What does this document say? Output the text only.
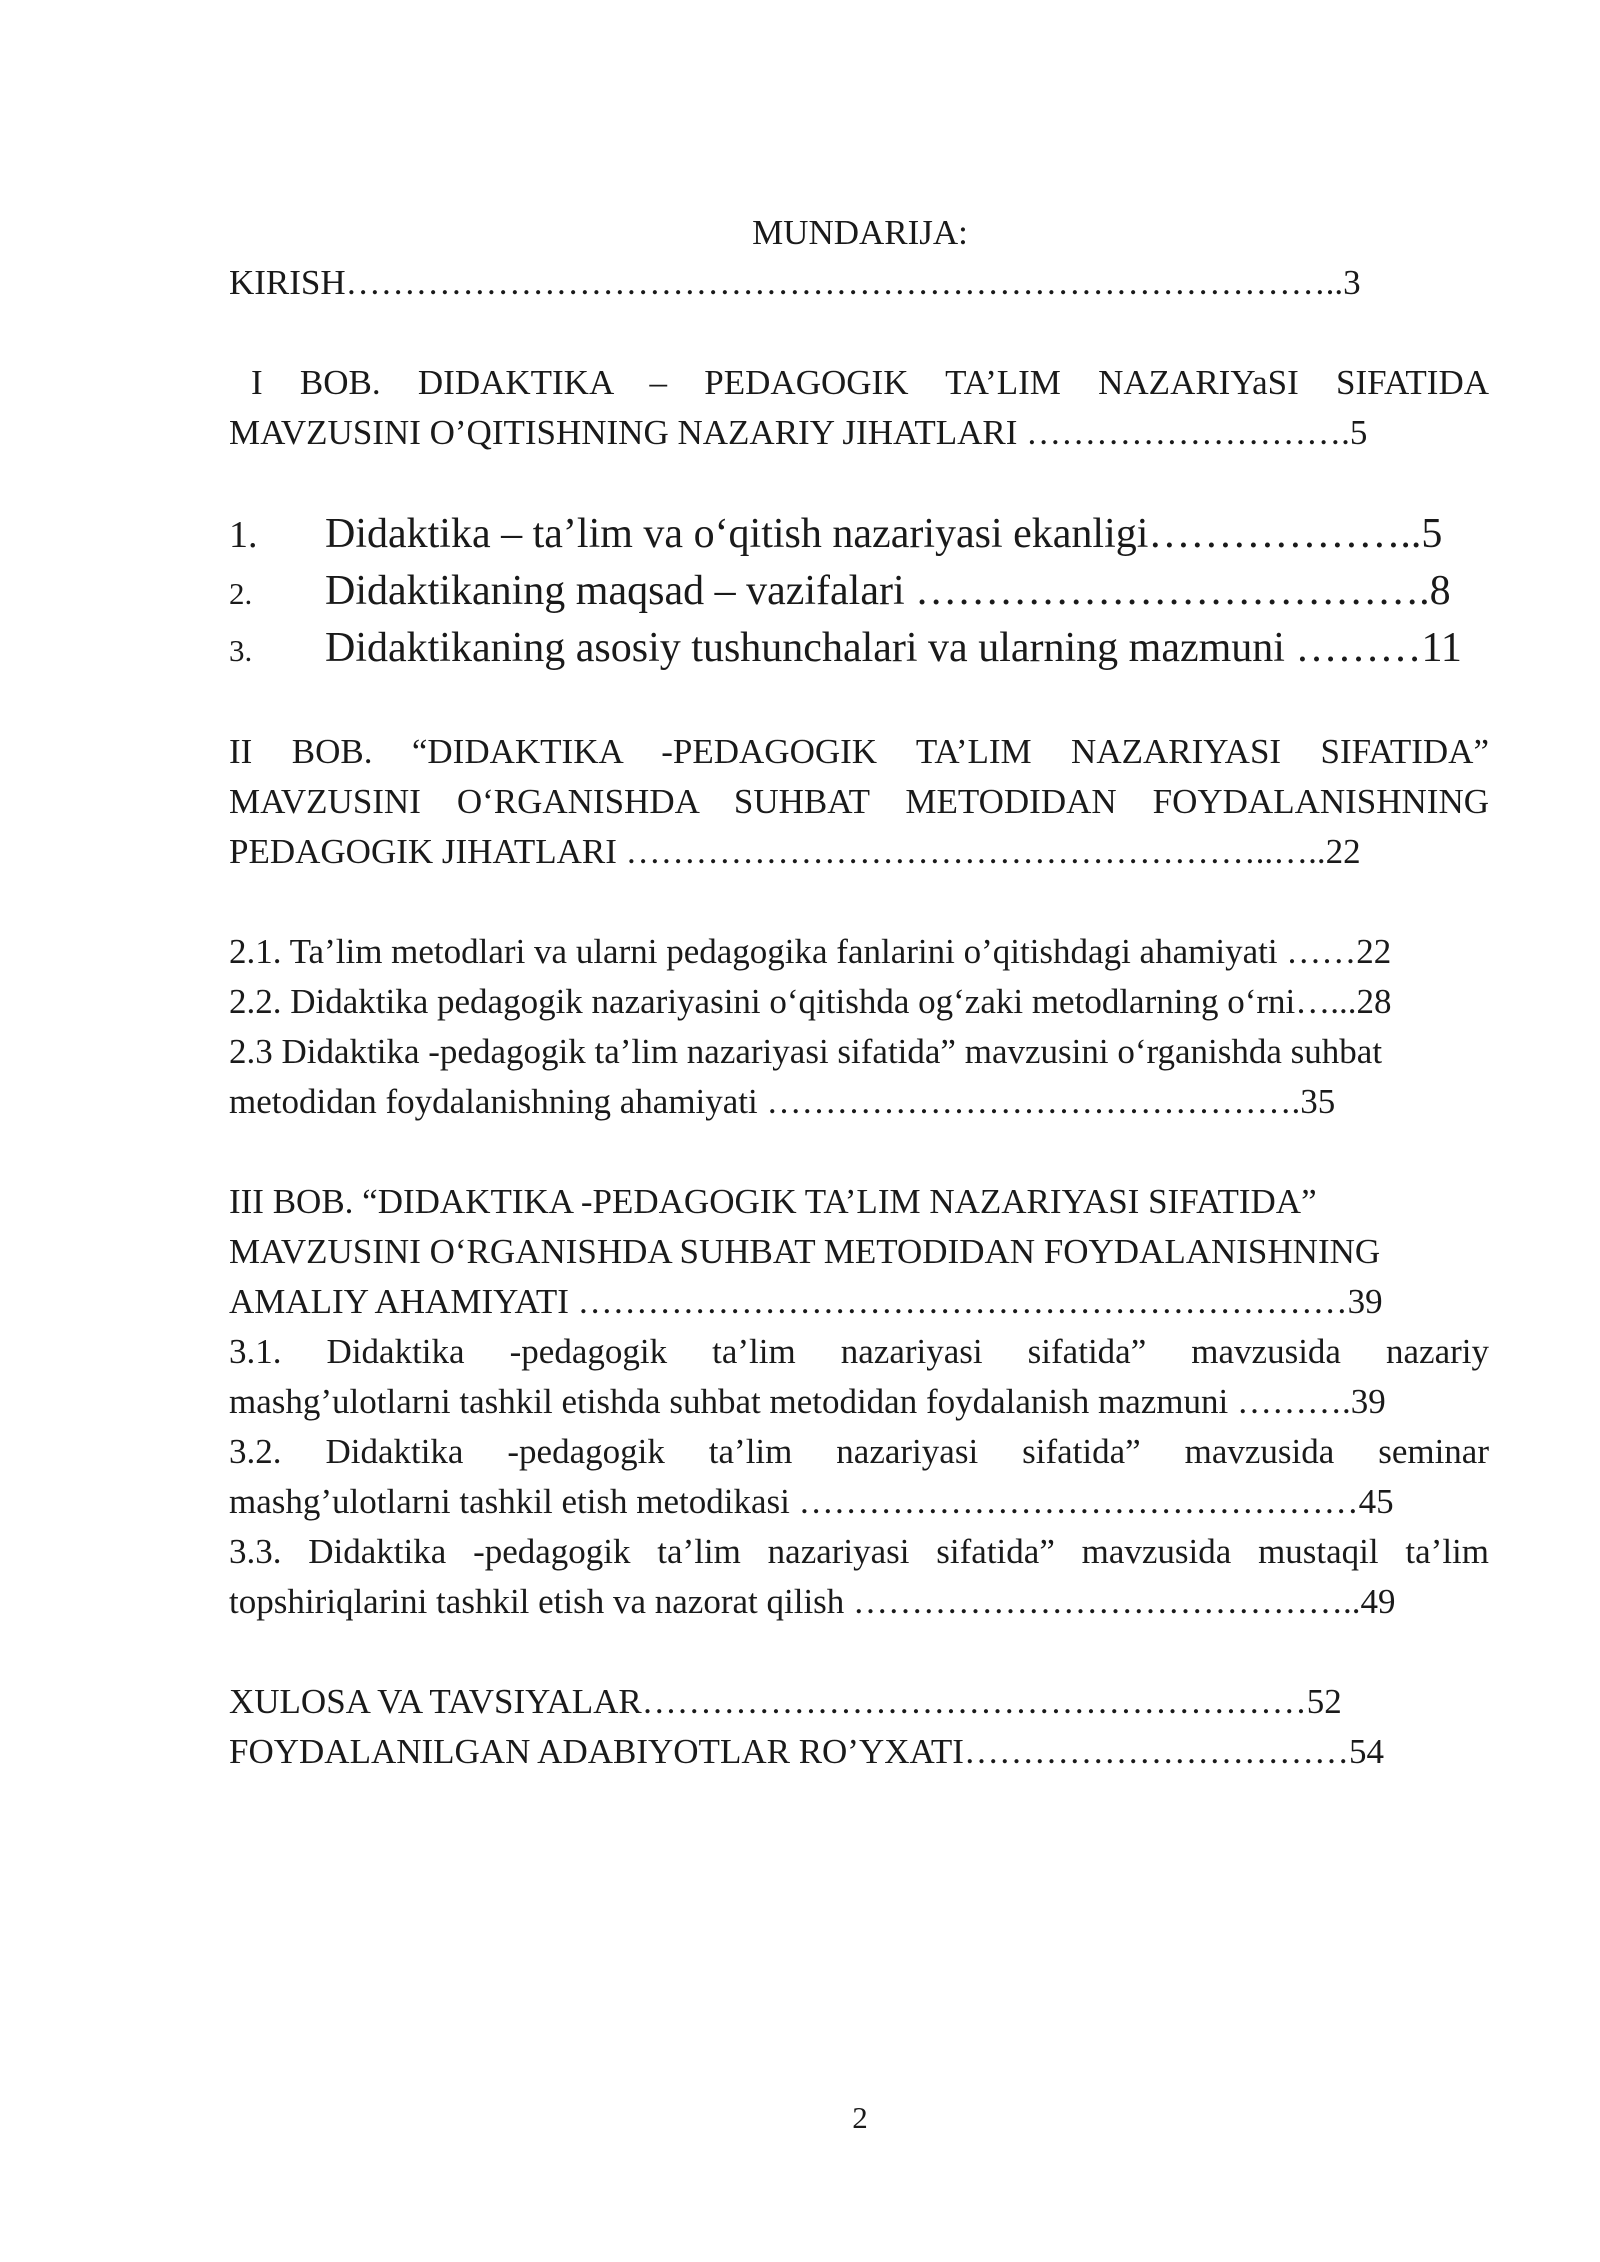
MUNDARIJA:

KIRISH…………………………………………………………………………..3

I BOB. DIDAKTIKA – PEDAGOGIK TA’LIM NAZARIYaSI SIFATIDA

MAVZUSINI O’QITISHNING NAZARIY JIHATLARI ……………………….5

1. Didaktika – ta’lim va o‘qitish nazariyasi ekanligi………………..5
2. Didaktikaning maqsad – vazifalari ……………………………….8
3. Didaktikaning asosiy tushunchalari va ularning mazmuni ………11

II BOB. “DIDAKTIKA -PEDAGOGIK TA’LIM NAZARIYASI SIFATIDA”

MAVZUSINI O‘RGANISHDA SUHBAT METODIDAN FOYDALANISHNING

PEDAGOGIK JIHATLARI ………………………………………………..…..22

2.1. Ta’lim metodlari va ularni pedagogika fanlarini o’qitishdagi ahamiyati ……22

2.2. Didaktika pedagogik nazariyasini o‘qitishda og‘zaki metodlarning o‘rni…...28

2.3 Didaktika -pedagogik ta’lim nazariyasi sifatida” mavzusini o‘rganishda suhbat

metodidan foydalanishning ahamiyati ……………………………………….35

III BOB. “DIDAKTIKA -PEDAGOGIK TA’LIM NAZARIYASI SIFATIDA”

MAVZUSINI O‘RGANISHDA SUHBAT METODIDAN FOYDALANISHNING

AMALIY AHAMIYATI …………………………………………………………39

3.1. Didaktika -pedagogik ta’lim nazariyasi sifatida” mavzusida nazariy

mashg’ulotlarni tashkil etishda suhbat metodidan foydalanish mazmuni ……….39

3.2. Didaktika -pedagogik ta’lim nazariyasi sifatida” mavzusida seminar

mashg’ulotlarni tashkil etish metodikasi …………………………………………45

3.3. Didaktika -pedagogik ta’lim nazariyasi sifatida” mavzusida mustaqil ta’lim

topshiriqlarini tashkil etish va nazorat qilish ……………………………………..49

XULOSA VA TAVSIYALAR…………………………………………………52

FOYDALANILGAN ADABIYOTLAR RO’YXATI……………………………54

2
